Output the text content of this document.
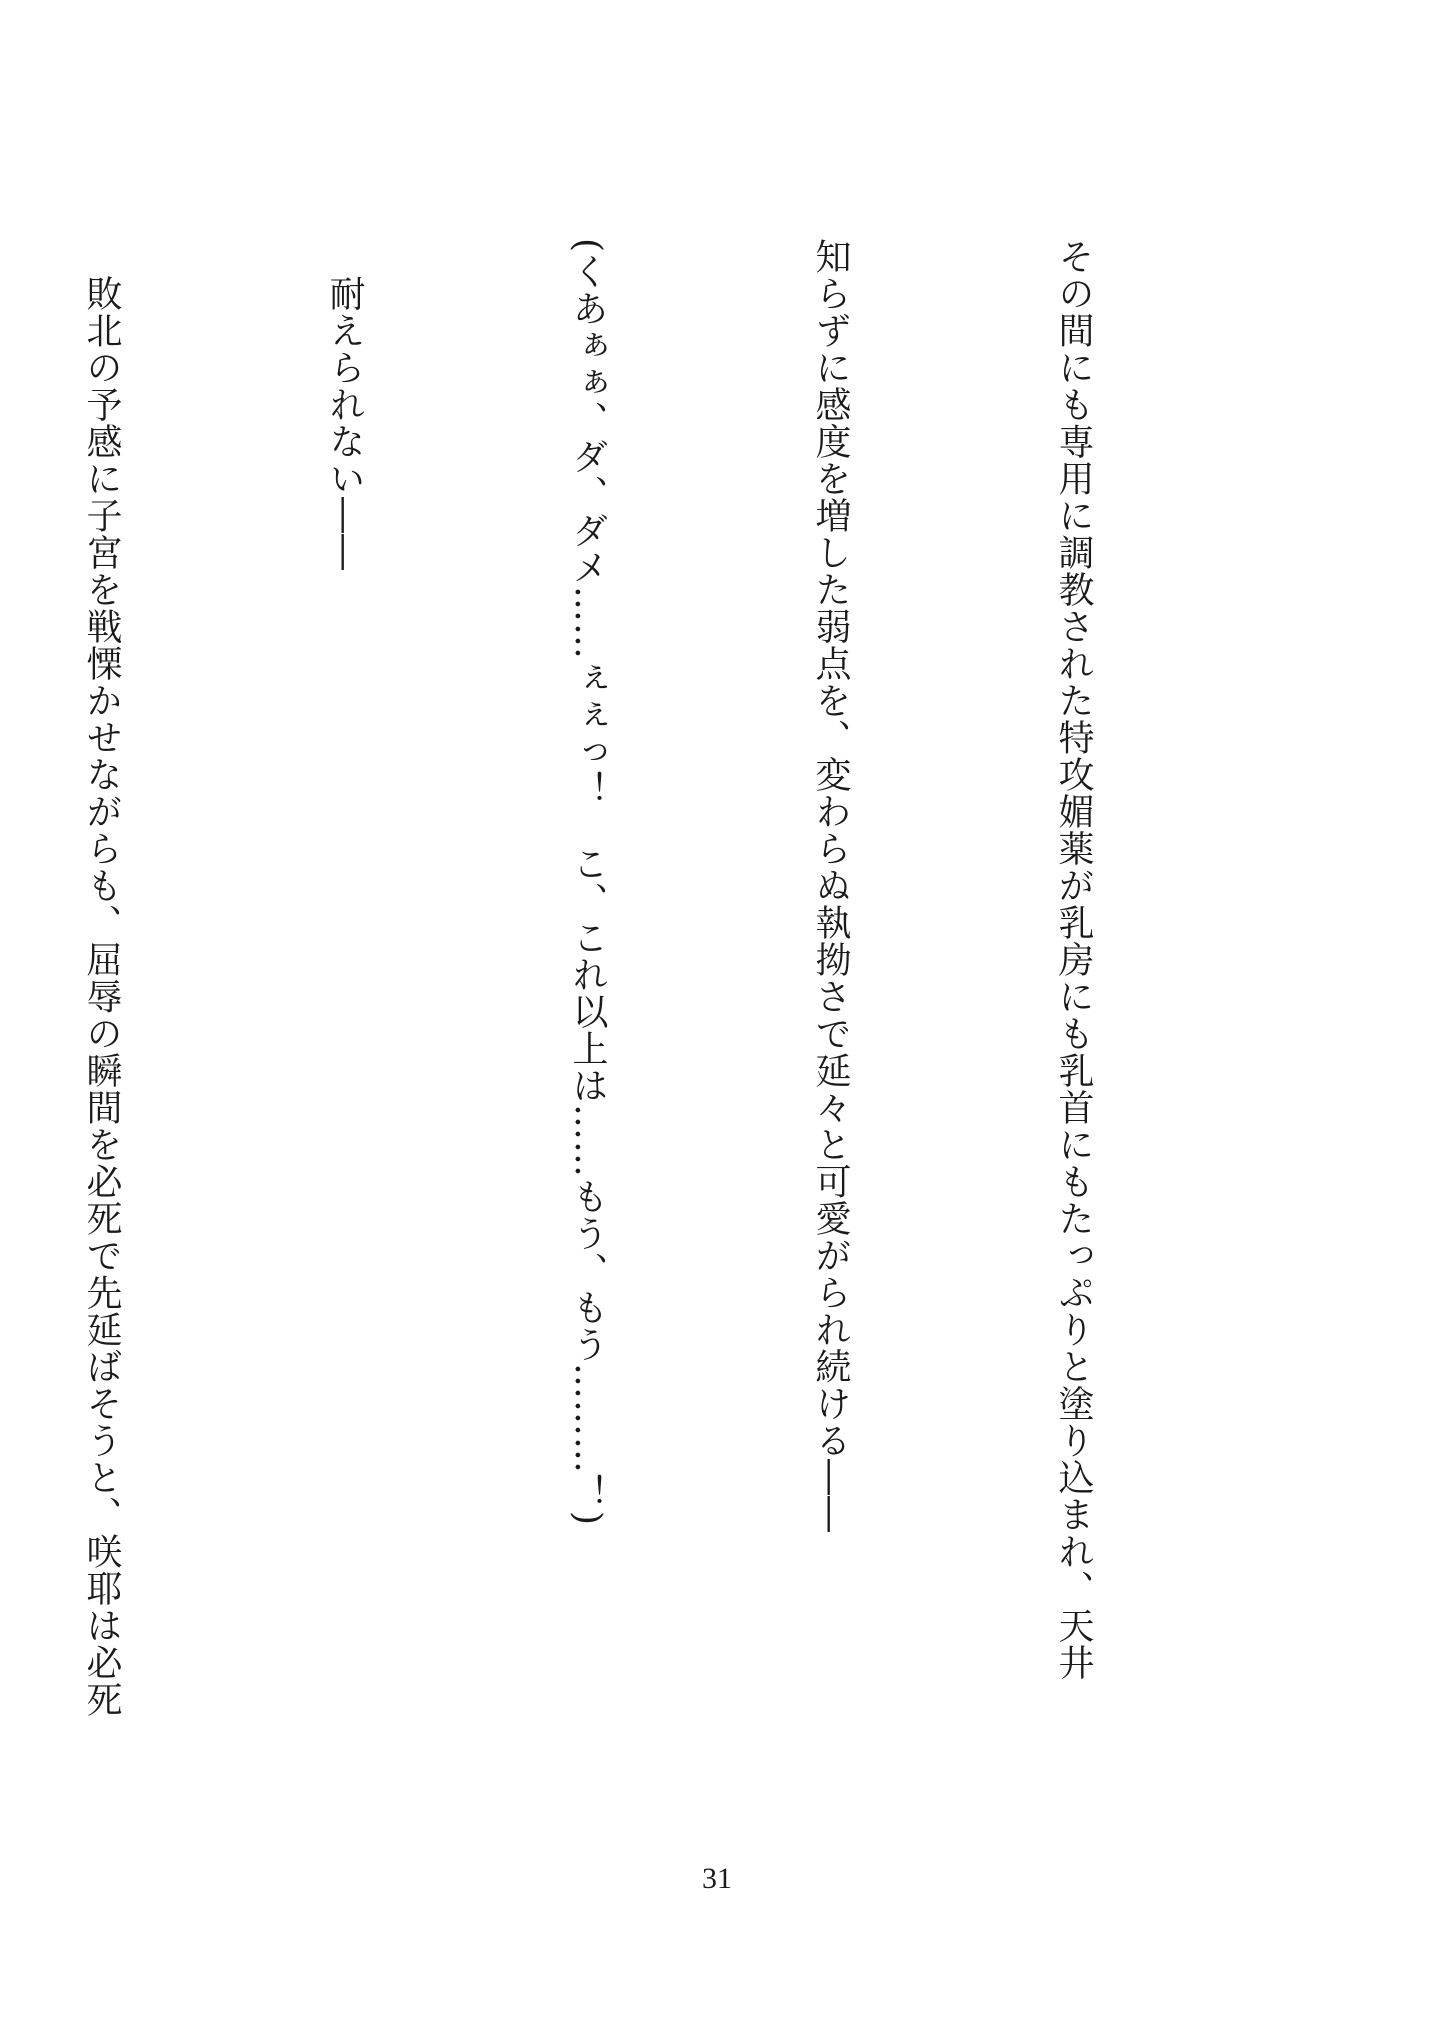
その間にも専用に調教された特攻媚薬が乳房にも乳首にもたっぷりと塗り込まれ、天井

知らずに感度を増した弱点を、変わらぬ執拗さで延々と可愛がられ続ける――

(くあぁぁ、ダ、ダメ……ぇぇっ！　こ、これ以上は……もう、もう………！)

　耐えられない――

　敗北の予感に子宮を戦慄かせながらも、屈辱の瞬間を必死で先延ばそうと、咲耶は必死

31
